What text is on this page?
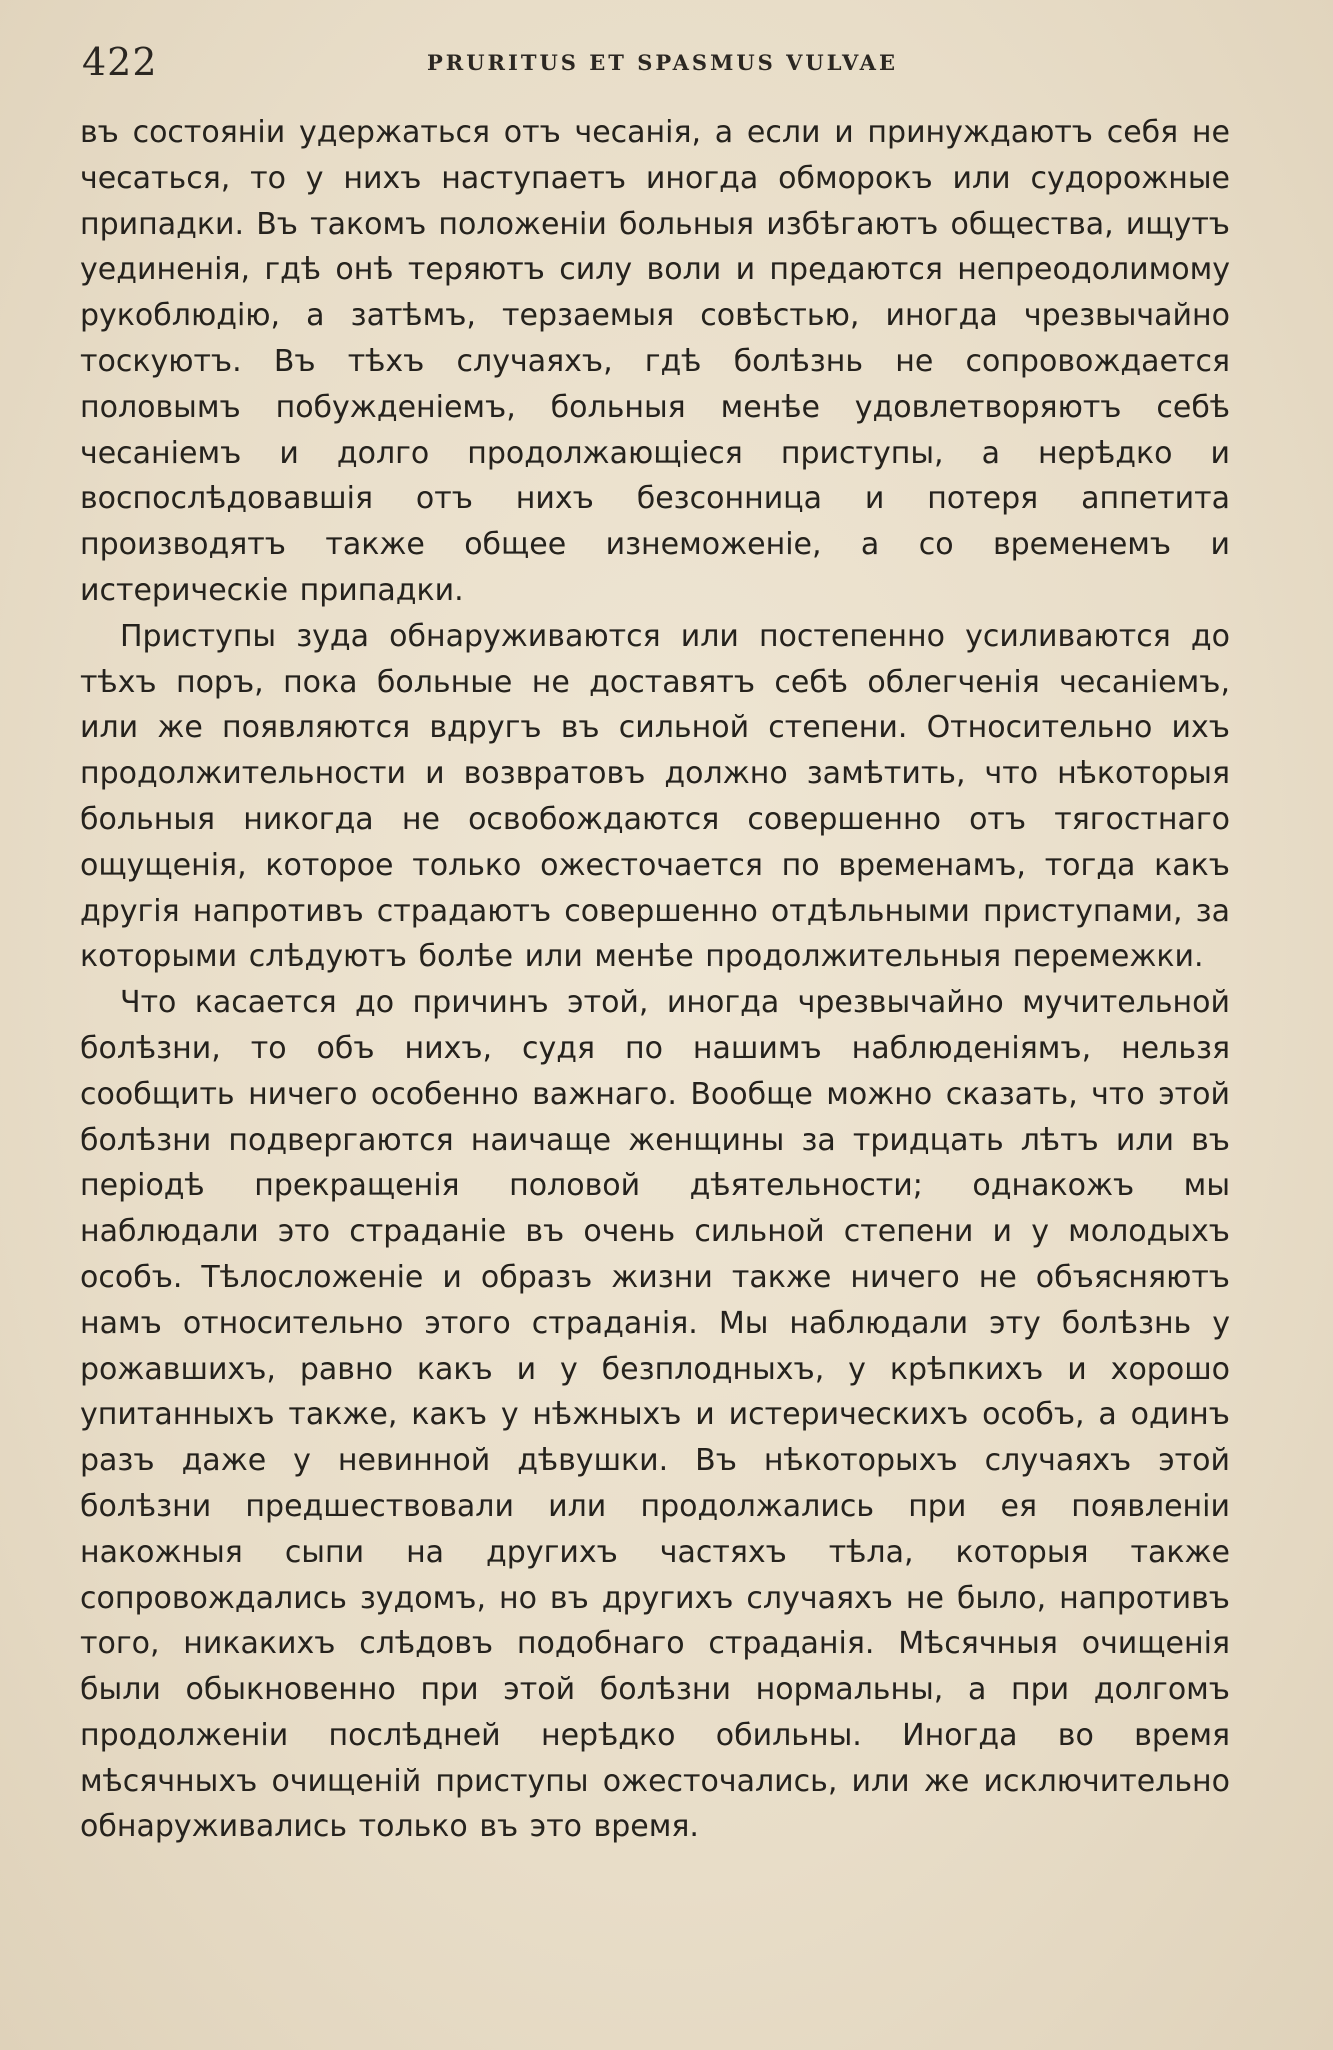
422	PRURITUS ET SPASMUS VULVAE

въ состоянiи удержаться отъ чесанiя, а если и принуждаютъ себя не чесаться, то у нихъ наступаетъ иногда обморокъ или судорожные припадки. Въ такомъ положенiи больныя избѣгаютъ общества, ищутъ уединенiя, гдѣ онѣ теряютъ силу воли и предаются непреодолимому рукоблюдiю, а затѣмъ, терзаемыя совѣстью, иногда чрезвычайно тоскуютъ. Въ тѣхъ случаяхъ, гдѣ болѣзнь не сопровождается половымъ побужденiемъ, больныя менѣе удовлетворяютъ себѣ чесанiемъ и долго продолжающiеся приступы, а нерѣдко и воспослѣдовавшiя отъ нихъ безсонница и потеря аппетита производятъ также общее изнеможенiе, а со временемъ и истерическiе припадки.

Приступы зуда обнаруживаются или постепенно усиливаются до тѣхъ поръ, пока больные не доставятъ себѣ облегченiя чесанiемъ, или же появляются вдругъ въ сильной степени. Относительно ихъ продолжительности и возвратовъ должно замѣтить, что нѣкоторыя больныя никогда не освобождаются совершенно отъ тягостнаго ощущенiя, которое только ожесточается по временамъ, тогда какъ другiя напротивъ страдаютъ совершенно отдѣльными приступами, за которыми слѣдуютъ болѣе или менѣе продолжительныя перемежки.

Что касается до причинъ этой, иногда чрезвычайно мучительной болѣзни, то объ нихъ, судя по нашимъ наблюденiямъ, нельзя сообщить ничего особенно важнаго. Вообще можно сказать, что этой болѣзни подвергаются наичаще женщины за тридцать лѣтъ или въ перiодѣ прекращенiя половой дѣятельности; однакожъ мы наблюдали это страданiе въ очень сильной степени и у молодыхъ особъ. Тѣлосложенiе и образъ жизни также ничего не объясняютъ намъ относительно этого страданiя. Мы наблюдали эту болѣзнь у рожавшихъ, равно какъ и у безплодныхъ, у крѣпкихъ и хорошо упитанныхъ также, какъ у нѣжныхъ и истерическихъ особъ, а одинъ разъ даже у невинной дѣвушки. Въ нѣкоторыхъ случаяхъ этой болѣзни предшествовали или продолжались при ея появленiи накожныя сыпи на другихъ частяхъ тѣла, которыя также сопровождались зудомъ, но въ другихъ случаяхъ не было, напротивъ того, никакихъ слѣдовъ подобнаго страданiя. Мѣсячныя очищенiя были обыкновенно при этой болѣзни нормальны, а при долгомъ продолженiи послѣдней нерѣдко обильны. Иногда во время мѣсячныхъ очищенiй приступы ожесточались, или же исключительно обнаруживались только въ это время.
